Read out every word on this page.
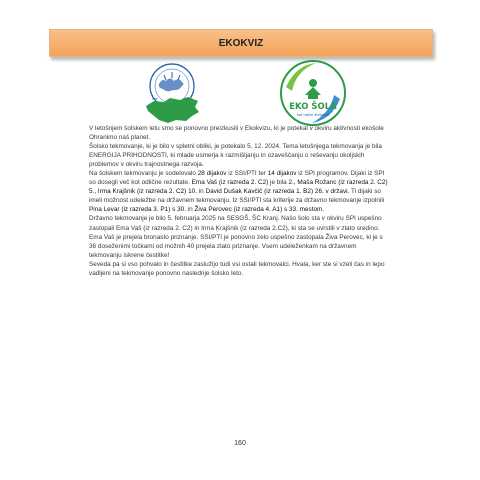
EKOKVIZ
FEE	EKO
EKO ŠOLA
kot način življenja

V letošnjem šolskem letu smo se ponovno preizkusili v Ekokvizu, ki je potekal v okviru aktivnosti ekošole Ohranimo naš planet.

Šolsko tekmovanje, ki je bilo v spletni obliki, je potekalo 5. 12. 2024. Tema letošnjega tekmovanja je bila ENERGIJA PRIHODNOSTI, ki mlade usmerja k razmišljanju in ozaveščanju o reševanju okoljskih problemov v okviru trajnostnega razvoja.

Na šolskem tekmovanju je sodelovalo 28 dijakov iz SSI/PTI ter 14 dijakov iz SPI programov. Dijaki iz SPI so dosegli več kot odlične rezultate. Ema Vaš (iz razreda 2. C2) je bila 2., Maša Rožanc (iz razreda 2. C2) 5., Irma Krajšnik (iz razreda 2. C2) 10. in David Dušak Kavčič (iz razreda 1. B2) 26. v državi. Ti dijaki so imeli možnost udeležbe na državnem tekmovanju. Iz SSI/PTI sta kriterije za državno tekmovanje izpolnili Pina Levar (iz razreda 3. P1) s 30. in Živa Perovec (iz razreda 4. A1) s 33. mestom.

Državno tekmovanje je bilo 5. februarja 2025 na SESGŠ, ŠC Kranj. Našo šolo sta v okviru SPI uspešno zastopali Ema Vaš (iz razreda 2. C2) in Irma Krajšnik (iz razreda 2.C2), ki sta se uvrstili v zlato sredino. Ema Vaš je prejela bronasto priznanje. SSI/PTI je ponovno zelo uspešno zastopala Živa Perovec, ki je s 36 doseženimi točkami od možnih 40 prejela zlato priznanje. Vsem udeleženkam na državnem tekmovanju iskrene čestitke!

Seveda pa si vso pohvalo in čestitke zaslužijo tudi vsi ostali tekmovalci. Hvala, ker ste si vzeli čas in lepo vadljeni na tekmovanje ponovno naslednje šolsko leto.

160
